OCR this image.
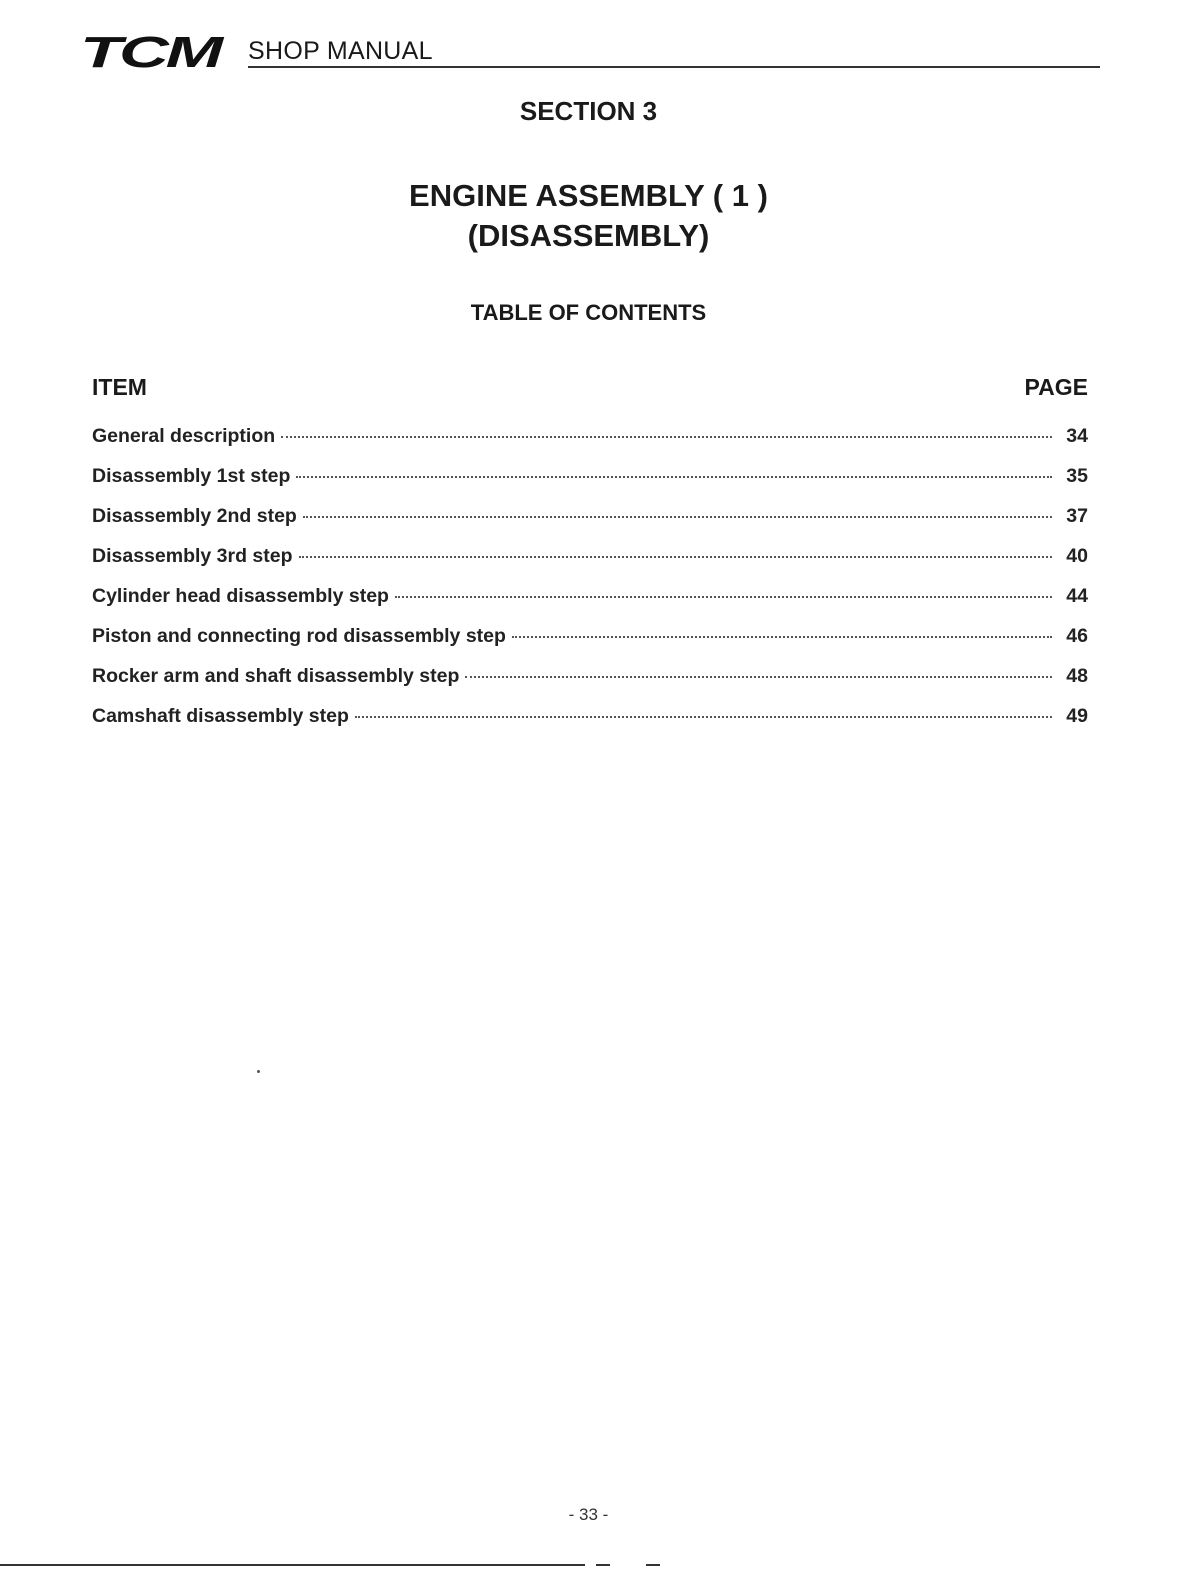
TCM SHOP MANUAL
SECTION 3
ENGINE ASSEMBLY ( 1 )
(DISASSEMBLY)
TABLE OF CONTENTS
ITEM	PAGE
General description	34
Disassembly 1st step	35
Disassembly 2nd step	37
Disassembly 3rd step	40
Cylinder head disassembly step	44
Piston and connecting rod disassembly step	46
Rocker arm and shaft disassembly step	48
Camshaft disassembly step	49
- 33 -
